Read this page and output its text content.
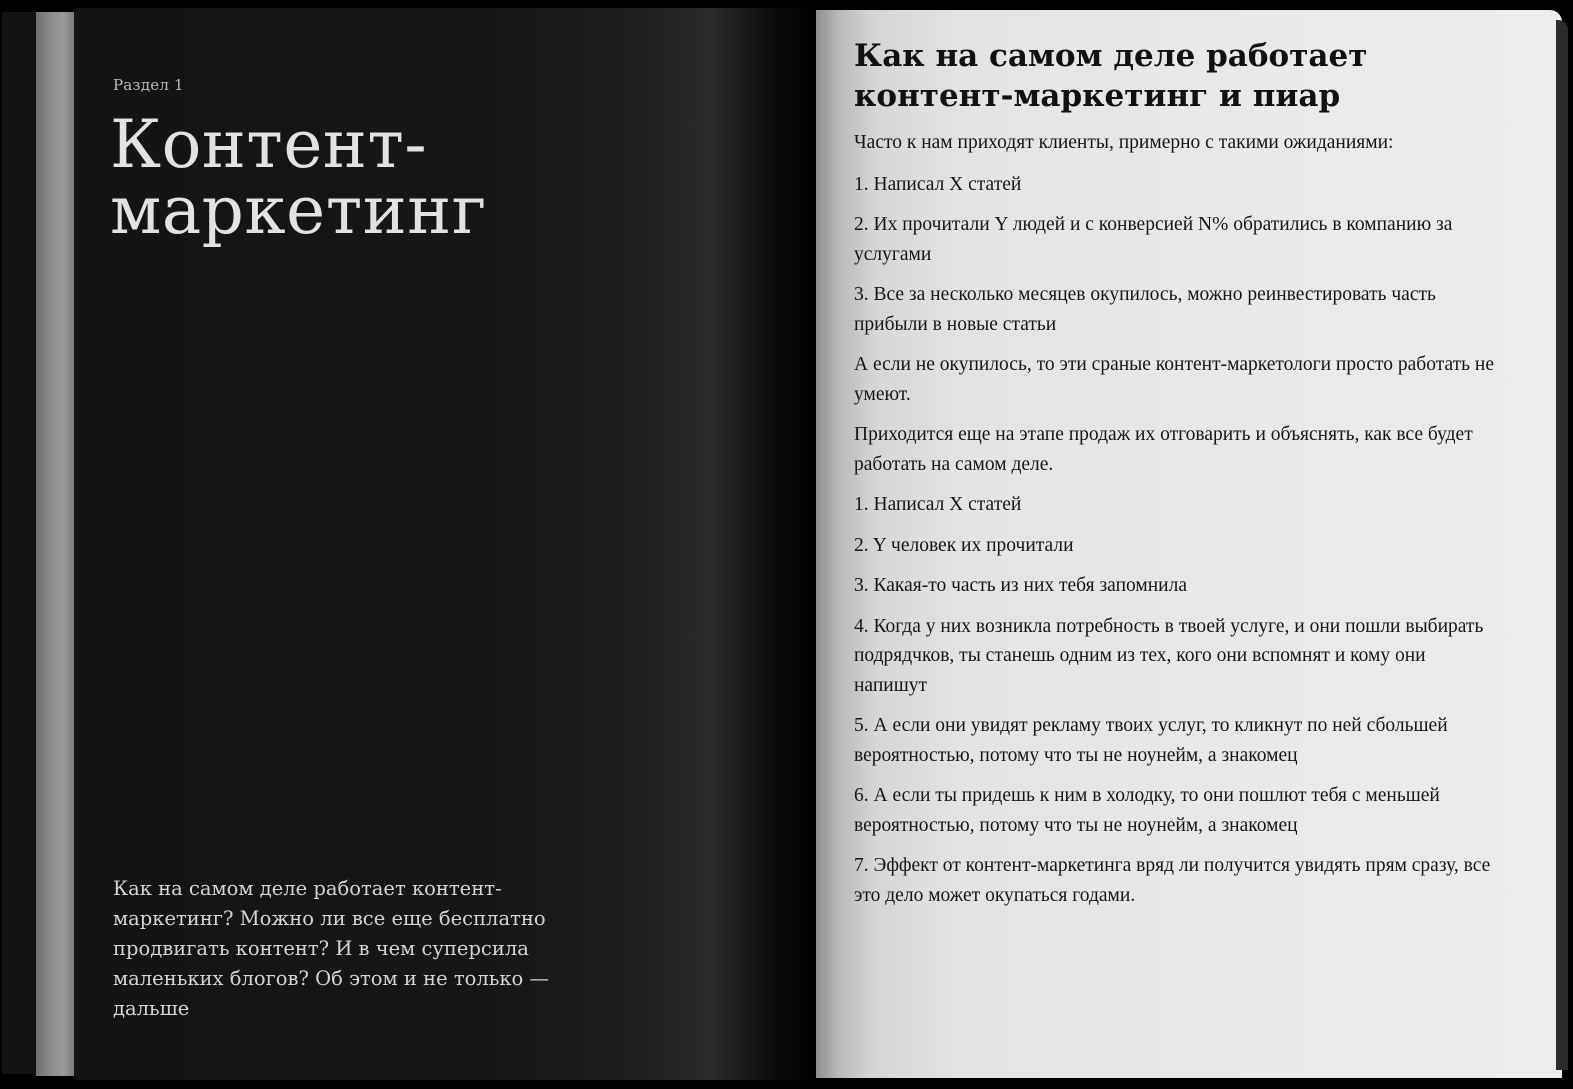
Раздел 1
Контент-
маркетинг

Как на самом деле работает контент-маркетинг? Можно ли все еще бесплатно продвигать контент? И в чем суперсила маленьких блогов? Об этом и не только — дальше

Как на самом деле работает контент-маркетинг и пиар

Часто к нам приходят клиенты, примерно с такими ожиданиями:

1. Написал X статей

2. Их прочитали Y людей и с конверсией N% обратились в компанию за услугами

3. Все за несколько месяцев окупилось, можно реинвестировать часть прибыли в новые статьи

А если не окупилось, то эти сраные контент-маркетологи просто работать не умеют.

Приходится еще на этапе продаж их отговарить и объяснять, как все будет работать на самом деле.

1. Написал X статей

2. Y человек их прочитали

3. Какая-то часть из них тебя запомнила

4. Когда у них возникла потребность в твоей услуге, и они пошли выбирать подрядчков, ты станешь одним из тех, кого они вспомнят и кому они напишут

5. А если они увидят рекламу твоих услуг, то кликнут по ней сбольшей вероятностью, потому что ты не ноунейм, а знакомец

6. А если ты придешь к ним в холодку, то они пошлют тебя с меньшей вероятностью, потому что ты не ноунейм, а знакомец

7. Эффект от контент-маркетинга вряд ли получится увидять прям сразу, все это дело может окупаться годами.
